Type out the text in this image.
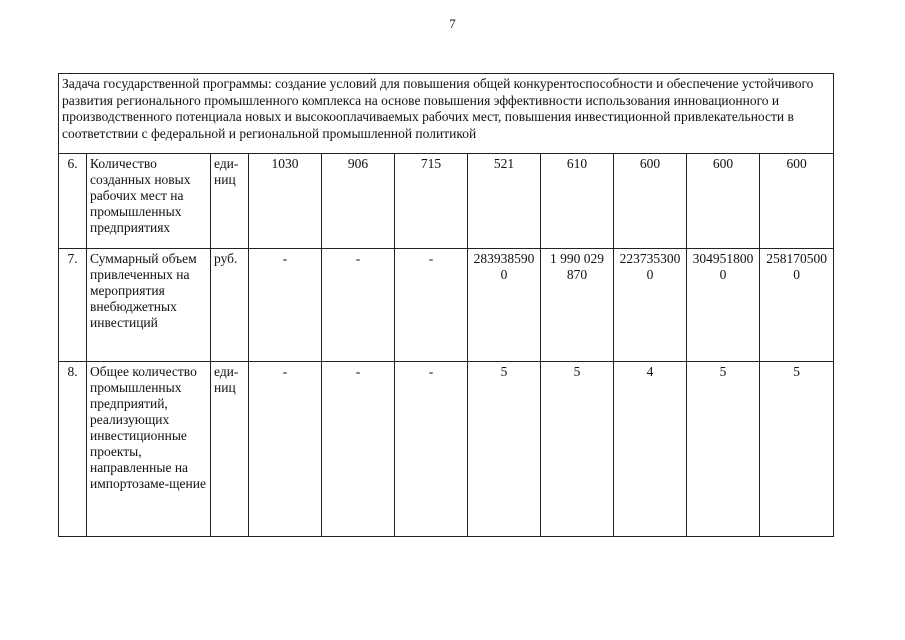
7
Задача государственной программы: создание условий для повышения общей конкурентоспособности и обеспечение устойчивого развития регионального промышленного комплекса на основе повышения эффективности использования инновационного и производственного потенциала новых и высокооплачиваемых рабочих мест, повышения инвестиционной привлекательности в соответствии с федеральной и региональной промышленной политикой										
6.	Количество созданных новых рабочих мест на промышленных предприятиях	еди-ниц	1030	906	715	521	610	600	600	600
7.	Суммарный объем привлеченных на мероприятия внебюджетных инвестиций	руб.	-	-	-	2839385900	1 990 029 870	2237353000	3049518000	2581705000
8.	Общее количество промышленных предприятий, реализующих инвестиционные проекты, направленные на импортозаме-щение	еди-ниц	-	-	-	5	5	4	5	5
